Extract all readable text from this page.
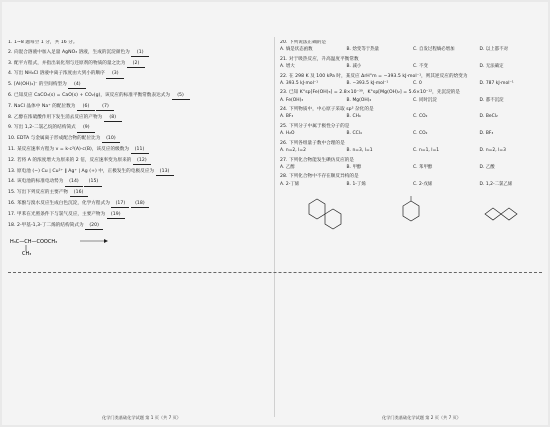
1. 1~8 题每空 1 分，共 16 分。
2. 向混合溶液中加入足量 AgNO₃ 溶液，生成的沉淀颜色为 (1)
3. 配平方程式，并指出氧化剂与还原剂的物质的量之比为 (2)
4. 写出 NH₄Cl 溶液中离子浓度由大到小的顺序 (3)
5. [Al(OH)₄]⁻ 的空间构型为 (4)
6. 已知反应 CaCO₃(s) = CaO(s) + CO₂(g)，该反应的标准平衡常数表达式为 (5)
7. NaCl 晶体中 Na⁺ 的配位数为 (6)	(7)
8. 乙醇在浓硫酸作用下发生消去反应的产物为 (8)
9. 写出 1,2-二氯乙烷的结构简式 (9)
10. EDTA 与金属离子形成配合物的配位比为 (10)
11. 某反应速率方程为 v = k·c²(A)·c(B)，该反应的级数为 (11)
12. 若将 A 的浓度增大为原来的 2 倍，反应速率变为原来的 (12)
13. 原电池 (−) Cu | Cu²⁺ ‖ Ag⁺ | Ag (+) 中，正极发生的电极反应为 (13)
14. 该电池的标准电动势为 (14) (15)
15. 写出下列反应的主要产物 (16)
16. 苯酚与溴水反应生成白色沉淀，化学方程式为 (17) (18)
17. 甲苯在光照条件下与氯气反应，主要产物为 (19)
18. 2-甲基-1,3-丁二烯的结构简式为 (20)
H₃C—CH—COOCH₃
CH₃
20. 下列说法正确的是
A. 熵是状态函数	B. 焓变等于热量	C. 自发过程熵必增加	D. 以上都不对
21. 对于吸热反应，升高温度平衡常数
A. 增大	B. 减小	C. 不变	D. 无法确定
22. 在 298 K 及 100 kPa 时，某反应 ΔrH°m = −393.5 kJ·mol⁻¹，则其逆反应的焓变为
A. 393.5 kJ·mol⁻¹	B. −393.5 kJ·mol⁻¹	C. 0	D. 787 kJ·mol⁻¹
23. 已知 K°sp[Fe(OH)₃] = 2.8×10⁻³⁹，K°sp[Mg(OH)₂] = 5.6×10⁻¹²，先沉淀的是
A. Fe(OH)₃	B. Mg(OH)₂	C. 同时沉淀	D. 都不沉淀
24. 下列物质中，中心原子采取 sp³ 杂化的是
A. BF₃	B. CH₄	C. CO₂	D. BeCl₂
25. 下列分子中属于极性分子的是
A. H₂O	B. CCl₄	C. CO₂	D. BF₃
26. 下列各组量子数中合理的是
A. n=2, l=2	B. n=3, l=1	C. n=1, l=1	D. n=2, l=3
27. 下列化合物能发生碘仿反应的是
A. 乙醇	B. 甲醇	C. 苯甲醇	D. 乙酸
28. 下列化合物中不存在顺反异构的是
A. 2-丁烯	B. 1-丁烯	C. 2-戊烯	D. 1,2-二氯乙烯
化学门类基础化学试题 第 1 页（共 7 页）	化学门类基础化学试题 第 2 页（共 7 页）
